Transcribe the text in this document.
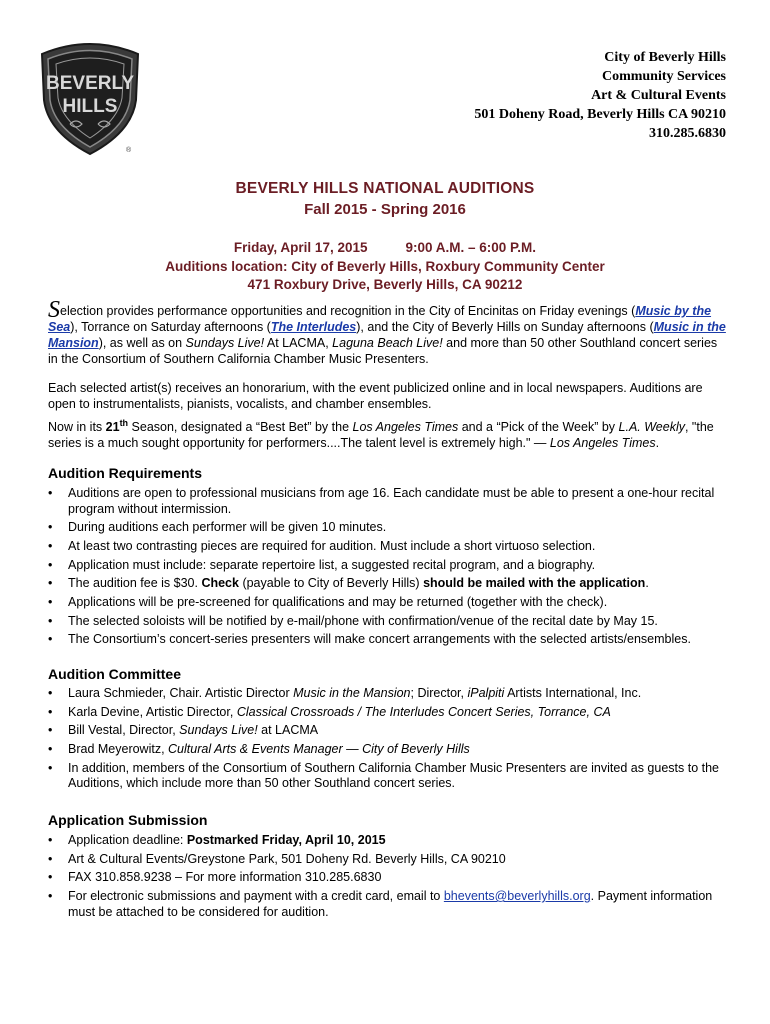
BEVERLY
HILLS
®
City of Beverly Hills
Community Services
Art & Cultural Events
501 Doheny Road, Beverly Hills CA 90210
310.285.6830
BEVERLY HILLS NATIONAL AUDITIONS
Fall 2015 - Spring 2016
Friday, April 17, 2015	9:00 A.M. – 6:00 P.M.
Auditions location: City of Beverly Hills, Roxbury Community Center
471 Roxbury Drive, Beverly Hills, CA 90212
Selection provides performance opportunities and recognition in the City of Encinitas on Friday evenings (Music by the Sea), Torrance on Saturday afternoons (The Interludes), and the City of Beverly Hills on Sunday afternoons (Music in the Mansion), as well as on Sundays Live! At LACMA, Laguna Beach Live! and more than 50 other Southland concert series in the Consortium of Southern California Chamber Music Presenters.
Each selected artist(s) receives an honorarium, with the event publicized online and in local newspapers. Auditions are open to instrumentalists, pianists, vocalists, and chamber ensembles.
Now in its 21th Season, designated a “Best Bet” by the Los Angeles Times and a “Pick of the Week” by L.A. Weekly, "the series is a much sought opportunity for performers....The talent level is extremely high." — Los Angeles Times.
Audition Requirements
• Auditions are open to professional musicians from age 16. Each candidate must be able to present a one-hour recital program without intermission.
• During auditions each performer will be given 10 minutes.
• At least two contrasting pieces are required for audition. Must include a short virtuoso selection.
• Application must include: separate repertoire list, a suggested recital program, and a biography.
• The audition fee is $30. Check (payable to City of Beverly Hills) should be mailed with the application.
• Applications will be pre-screened for qualifications and may be returned (together with the check).
• The selected soloists will be notified by e-mail/phone with confirmation/venue of the recital date by May 15.
• The Consortium’s concert-series presenters will make concert arrangements with the selected artists/ensembles.
Audition Committee
• Laura Schmieder, Chair. Artistic Director Music in the Mansion; Director, iPalpiti Artists International, Inc.
• Karla Devine, Artistic Director, Classical Crossroads / The Interludes Concert Series, Torrance, CA
• Bill Vestal, Director, Sundays Live! at LACMA
• Brad Meyerowitz, Cultural Arts & Events Manager — City of Beverly Hills
• In addition, members of the Consortium of Southern California Chamber Music Presenters are invited as guests to the Auditions, which include more than 50 other Southland concert series.
Application Submission
• Application deadline: Postmarked Friday, April 10, 2015
• Art & Cultural Events/Greystone Park, 501 Doheny Rd. Beverly Hills, CA 90210
• FAX 310.858.9238 – For more information 310.285.6830
• For electronic submissions and payment with a credit card, email to bhevents@beverlyhills.org. Payment information must be attached to be considered for audition.
